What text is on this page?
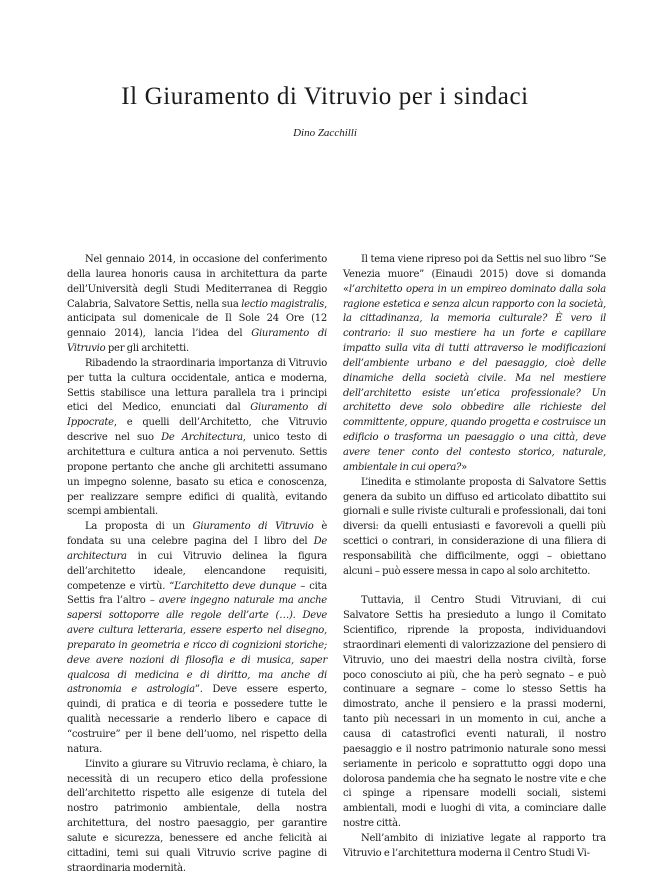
Il Giuramento di Vitruvio per i sindaci
Dino Zacchilli

Nel gennaio 2014, in occasione del conferimento della laurea honoris causa in architettura da parte dell’Università degli Studi Mediterranea di Reggio Calabria, Salvatore Settis, nella sua lectio magistralis, anticipata sul domenicale de Il Sole 24 Ore (12 gennaio 2014), lancia l’idea del Giuramento di Vitruvio per gli architetti.

Ribadendo la straordinaria importanza di Vitruvio per tutta la cultura occidentale, antica e moderna, Settis stabilisce una lettura parallela tra i principi etici del Medico, enunciati dal Giuramento di Ippocrate, e quelli dell’Architetto, che Vitruvio descrive nel suo De Architectura, unico testo di architettura e cultura antica a noi pervenuto. Settis propone pertanto che anche gli architetti assumano un impegno solenne, basato su etica e conoscenza, per realizzare sempre edifici di qualità, evitando scempi ambientali.

La proposta di un Giuramento di Vitruvio è fondata su una celebre pagina del I libro del De architectura in cui Vitruvio delinea la figura dell’architetto ideale, elencandone requisiti, competenze e virtù. “L’architetto deve dunque – cita Settis fra l’altro – avere ingegno naturale ma anche sapersi sottoporre alle regole dell’arte (…). Deve avere cultura letteraria, essere esperto nel disegno, preparato in geometria e ricco di cognizioni storiche; deve avere nozioni di filosofia e di musica, saper qualcosa di medicina e di diritto, ma anche di astronomia e astrologia”. Deve essere esperto, quindi, di pratica e di teoria e possedere tutte le qualità necessarie a renderlo libero e capace di “costruire” per il bene dell’uomo, nel rispetto della natura.

L’invito a giurare su Vitruvio reclama, è chiaro, la necessità di un recupero etico della professione dell’architetto rispetto alle esigenze di tutela del nostro patrimonio ambientale, della nostra architettura, del nostro paesaggio, per garantire salute e sicurezza, benessere ed anche felicità ai cittadini, temi sui quali Vitruvio scrive pagine di straordinaria modernità.

Il tema viene ripreso poi da Settis nel suo libro “Se Venezia muore” (Einaudi 2015) dove si domanda «l’architetto opera in un empireo dominato dalla sola ragione estetica e senza alcun rapporto con la società, la cittadinanza, la memoria culturale? È vero il contrario: il suo mestiere ha un forte e capillare impatto sulla vita di tutti attraverso le modificazioni dell’ambiente urbano e del paesaggio, cioè delle dinamiche della società civile. Ma nel mestiere dell’architetto esiste un’etica professionale? Un architetto deve solo obbedire alle richieste del committente, oppure, quando progetta e costruisce un edificio o trasforma un paesaggio o una città, deve avere tener conto del contesto storico, naturale, ambientale in cui opera?»

L’inedita e stimolante proposta di Salvatore Settis genera da subito un diffuso ed articolato dibattito sui giornali e sulle riviste culturali e professionali, dai toni diversi: da quelli entusiasti e favorevoli a quelli più scettici o contrari, in considerazione di una filiera di responsabilità che difficilmente, oggi – obiettano alcuni – può essere messa in capo al solo architetto.

Tuttavia, il Centro Studi Vitruviani, di cui Salvatore Settis ha presieduto a lungo il Comitato Scientifico, riprende la proposta, individuandovi straordinari elementi di valorizzazione del pensiero di Vitruvio, uno dei maestri della nostra civiltà, forse poco conosciuto ai più, che ha però segnato – e può continuare a segnare – come lo stesso Settis ha dimostrato, anche il pensiero e la prassi moderni, tanto più necessari in un momento in cui, anche a causa di catastrofici eventi naturali, il nostro paesaggio e il nostro patrimonio naturale sono messi seriamente in pericolo e soprattutto oggi dopo una dolorosa pandemia che ha segnato le nostre vite e che ci spinge a ripensare modelli sociali, sistemi ambientali, modi e luoghi di vita, a cominciare dalle nostre città.

Nell’ambito di iniziative legate al rapporto tra Vitruvio e l’architettura moderna il Centro Studi Vi-
